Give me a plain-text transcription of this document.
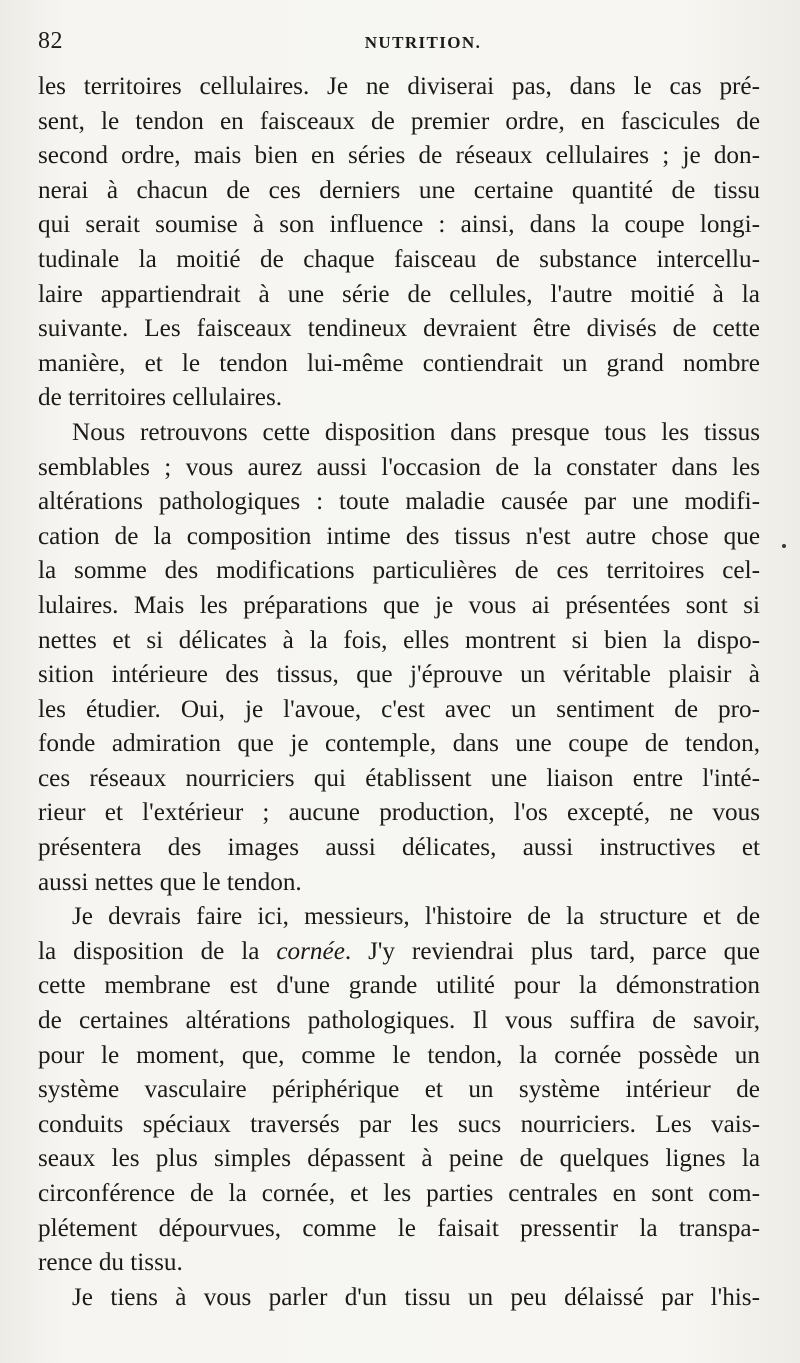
82	NUTRITION.
les territoires cellulaires. Je ne diviserai pas, dans le cas pré-
sent, le tendon en faisceaux de premier ordre, en fascicules de
second ordre, mais bien en séries de réseaux cellulaires ; je don-
nerai à chacun de ces derniers une certaine quantité de tissu
qui serait soumise à son influence : ainsi, dans la coupe longi-
tudinale la moitié de chaque faisceau de substance intercellu-
laire appartiendrait à une série de cellules, l'autre moitié à la
suivante. Les faisceaux tendineux devraient être divisés de cette
manière, et le tendon lui-même contiendrait un grand nombre
de territoires cellulaires.
Nous retrouvons cette disposition dans presque tous les tissus
semblables ; vous aurez aussi l'occasion de la constater dans les
altérations pathologiques : toute maladie causée par une modifi-
cation de la composition intime des tissus n'est autre chose que
la somme des modifications particulières de ces territoires cel-
lulaires. Mais les préparations que je vous ai présentées sont si
nettes et si délicates à la fois, elles montrent si bien la dispo-
sition intérieure des tissus, que j'éprouve un véritable plaisir à
les étudier. Oui, je l'avoue, c'est avec un sentiment de pro-
fonde admiration que je contemple, dans une coupe de tendon,
ces réseaux nourriciers qui établissent une liaison entre l'inté-
rieur et l'extérieur ; aucune production, l'os excepté, ne vous
présentera des images aussi délicates, aussi instructives et
aussi nettes que le tendon.
Je devrais faire ici, messieurs, l'histoire de la structure et de
la disposition de la cornée. J'y reviendrai plus tard, parce que
cette membrane est d'une grande utilité pour la démonstration
de certaines altérations pathologiques. Il vous suffira de savoir,
pour le moment, que, comme le tendon, la cornée possède un
système vasculaire périphérique et un système intérieur de
conduits spéciaux traversés par les sucs nourriciers. Les vais-
seaux les plus simples dépassent à peine de quelques lignes la
circonférence de la cornée, et les parties centrales en sont com-
plétement dépourvues, comme le faisait pressentir la transpa-
rence du tissu.
Je tiens à vous parler d'un tissu un peu délaissé par l'his-
